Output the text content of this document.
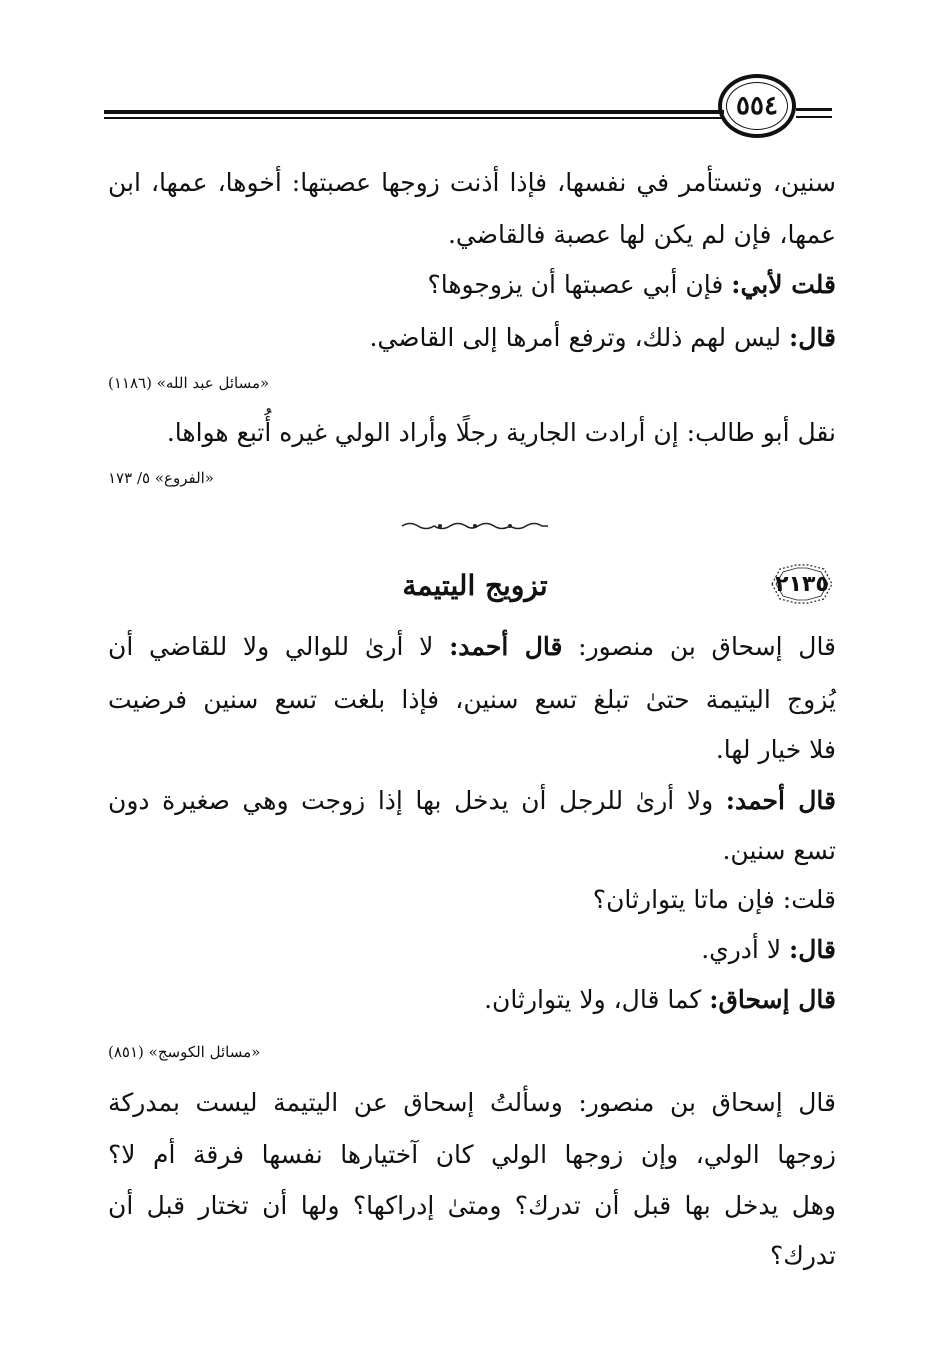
٥٥٤
سنين، وتستأمر في نفسها، فإذا أذنت زوجها عصبتها: أخوها، عمها، ابن
عمها، فإن لم يكن لها عصبة فالقاضي.
قلت لأبي: فإن أبي عصبتها أن يزوجوها؟
قال: ليس لهم ذلك، وترفع أمرها إلى القاضي.
«مسائل عبد الله» (١١٨٦)
نقل أبو طالب: إن أرادت الجارية رجلًا وأراد الولي غيره أُتبع هواها.
«الفروع» ٥/ ١٧٣
تزويج اليتيمة	٢١٣٥
قال إسحاق بن منصور: قال أحمد: لا أرىٰ للوالي ولا للقاضي أن
يُزوج اليتيمة حتىٰ تبلغ تسع سنين، فإذا بلغت تسع سنين فرضيت
فلا خيار لها.
قال أحمد: ولا أرىٰ للرجل أن يدخل بها إذا زوجت وهي صغيرة دون
تسع سنين.
قلت: فإن ماتا يتوارثان؟
قال: لا أدري.
قال إسحاق: كما قال، ولا يتوارثان.
«مسائل الكوسج» (٨٥١)
قال إسحاق بن منصور: وسألتُ إسحاق عن اليتيمة ليست بمدركة
زوجها الولي، وإن زوجها الولي كان آختيارها نفسها فرقة أم لا؟
وهل يدخل بها قبل أن تدرك؟ ومتىٰ إدراكها؟ ولها أن تختار قبل أن
تدرك؟
